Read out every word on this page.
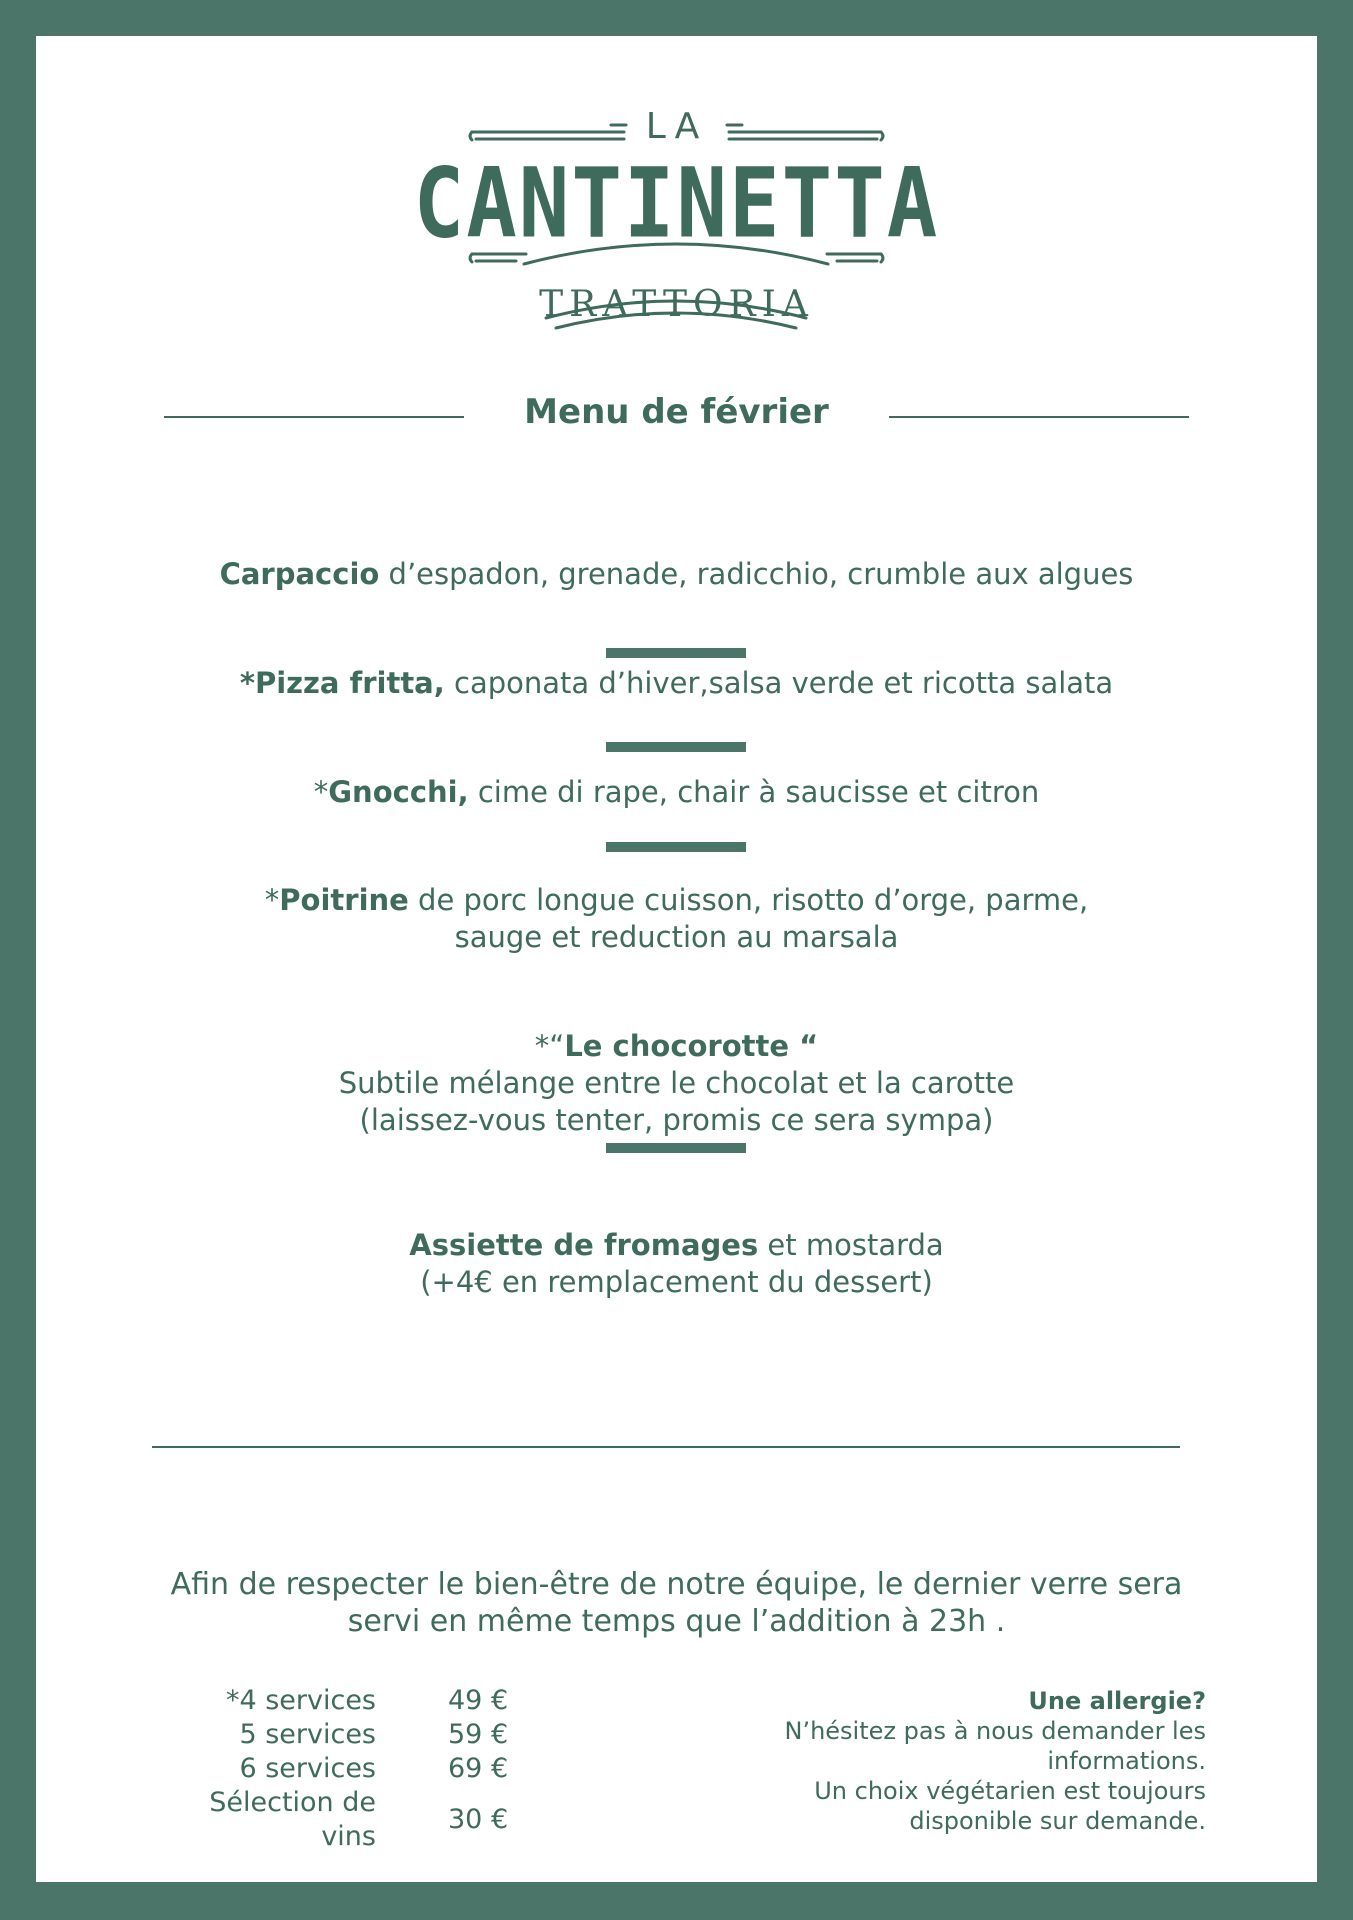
LA
CANTINETTA
TRATTORIA
Menu de février
Carpaccio d’espadon, grenade, radicchio, crumble aux algues
*Pizza fritta, caponata d’hiver,salsa verde et ricotta salata
*Gnocchi, cime di rape, chair à saucisse et citron
*Poitrine de porc longue cuisson, risotto d’orge, parme,
sauge et reduction au marsala
*“Le chocorotte “
Subtile mélange entre le chocolat et la carotte
(laissez-vous tenter, promis ce sera sympa)
Assiette de fromages et mostarda
(+4€ en remplacement du dessert)
Afin de respecter le bien-être de notre équipe, le dernier verre sera
servi en même temps que l’addition à 23h .
*4 services	49 €
5 services	59 €
6 services	69 €
Sélection de vins	30 €
Une allergie?
N’hésitez pas à nous demander les
informations.
Un choix végétarien est toujours
disponible sur demande.
